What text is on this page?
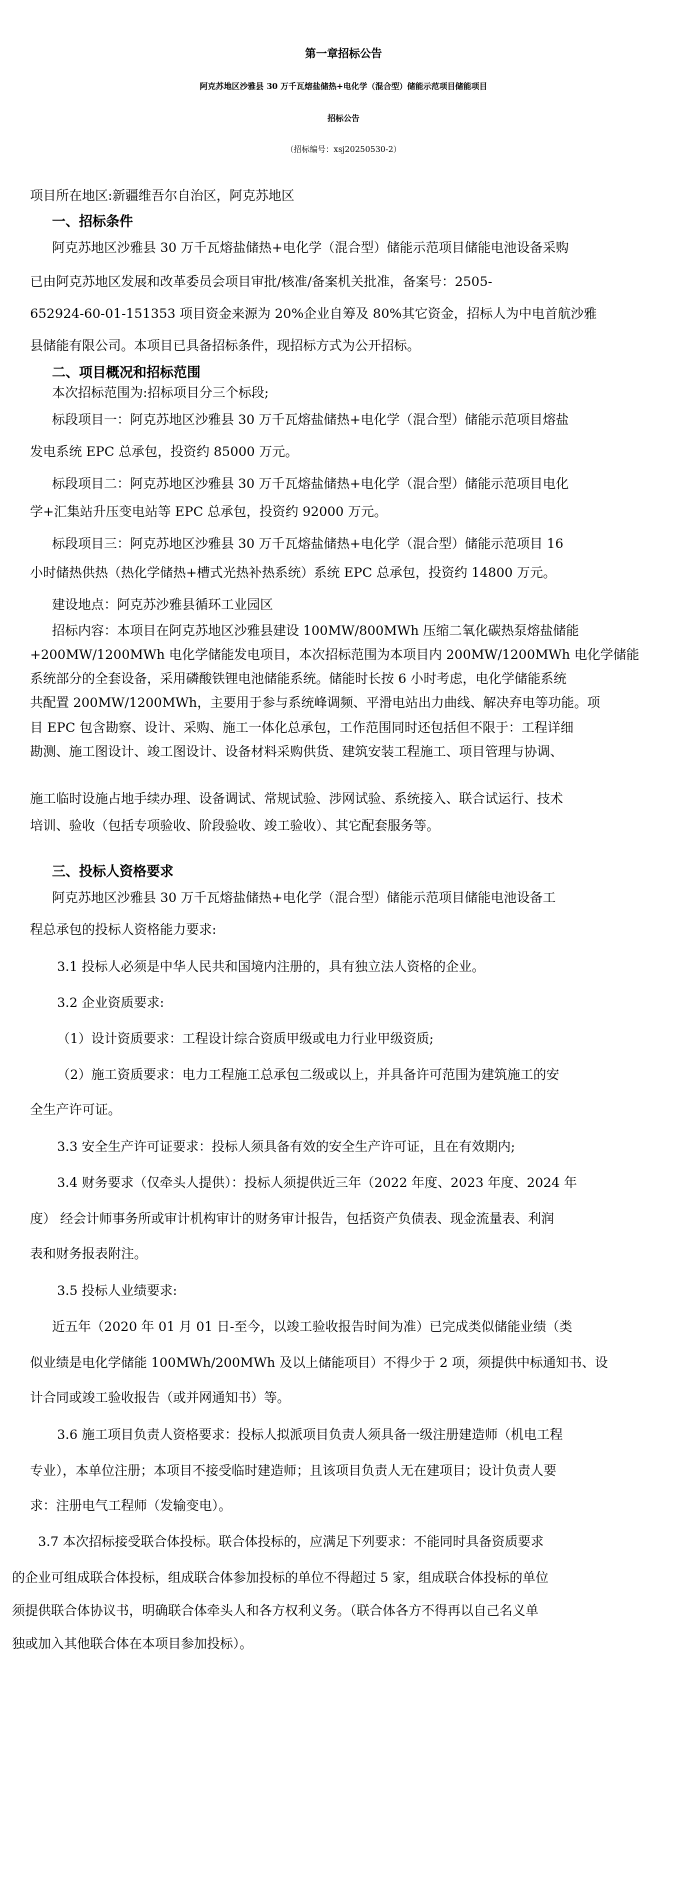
第一章招标公告
阿克苏地区沙雅县 30 万千瓦熔盐储热+电化学（混合型）储能示范项目储能项目
招标公告
（招标编号：xsj20250530-2）
项目所在地区:新疆维吾尔自治区，阿克苏地区
一、招标条件
阿克苏地区沙雅县 30 万千瓦熔盐储热+电化学（混合型）储能示范项目储能电池设备采购
已由阿克苏地区发展和改革委员会项目审批/核准/备案机关批准，备案号：2505-
652924-60-01-151353 项目资金来源为 20%企业自筹及 80%其它资金，招标人为中电首航沙雅
县储能有限公司。本项目已具备招标条件，现招标方式为公开招标。
二、项目概况和招标范围
本次招标范围为:招标项目分三个标段;
标段项目一：阿克苏地区沙雅县 30 万千瓦熔盐储热+电化学（混合型）储能示范项目熔盐
发电系统 EPC 总承包，投资约 85000 万元。
标段项目二：阿克苏地区沙雅县 30 万千瓦熔盐储热+电化学（混合型）储能示范项目电化
学+汇集站升压变电站等 EPC 总承包，投资约 92000 万元。
标段项目三：阿克苏地区沙雅县 30 万千瓦熔盐储热+电化学（混合型）储能示范项目 16
小时储热供热（热化学储热+槽式光热补热系统）系统 EPC 总承包，投资约 14800 万元。
建设地点：阿克苏沙雅县循环工业园区
招标内容：本项目在阿克苏地区沙雅县建设 100MW/800MWh 压缩二氧化碳热泵熔盐储能
+200MW/1200MWh 电化学储能发电项目，本次招标范围为本项目内 200MW/1200MWh 电化学储能
系统部分的全套设备，采用磷酸铁锂电池储能系统。储能时长按 6 小时考虑，电化学储能系统
共配置 200MW/1200MWh，主要用于参与系统峰调频、平滑电站出力曲线、解决弃电等功能。项
目 EPC 包含勘察、设计、采购、施工一体化总承包，工作范围同时还包括但不限于：工程详细
勘测、施工图设计、竣工图设计、设备材料采购供货、建筑安装工程施工、项目管理与协调、
施工临时设施占地手续办理、设备调试、常规试验、涉网试验、系统接入、联合试运行、技术
培训、验收（包括专项验收、阶段验收、竣工验收）、其它配套服务等。
三、投标人资格要求
阿克苏地区沙雅县 30 万千瓦熔盐储热+电化学（混合型）储能示范项目储能电池设备工
程总承包的投标人资格能力要求:
3.1 投标人必须是中华人民共和国境内注册的，具有独立法人资格的企业。
3.2 企业资质要求:
（1）设计资质要求：工程设计综合资质甲级或电力行业甲级资质;
（2）施工资质要求：电力工程施工总承包二级或以上，并具备许可范围为建筑施工的安
全生产许可证。
3.3 安全生产许可证要求：投标人须具备有效的安全生产许可证，且在有效期内;
3.4 财务要求（仅牵头人提供）：投标人须提供近三年（2022 年度、2023 年度、2024 年
度） 经会计师事务所或审计机构审计的财务审计报告，包括资产负债表、现金流量表、利润
表和财务报表附注。
3.5 投标人业绩要求:
近五年（2020 年 01 月 01 日-至今，以竣工验收报告时间为准）已完成类似储能业绩（类
似业绩是电化学储能 100MWh/200MWh 及以上储能项目）不得少于 2 项，须提供中标通知书、设
计合同或竣工验收报告（或并网通知书）等。
3.6 施工项目负责人资格要求：投标人拟派项目负责人须具备一级注册建造师（机电工程
专业），本单位注册；本项目不接受临时建造师；且该项目负责人无在建项目；设计负责人要
求：注册电气工程师（发输变电）。
3.7 本次招标接受联合体投标。联合体投标的，应满足下列要求：不能同时具备资质要求
的企业可组成联合体投标，组成联合体参加投标的单位不得超过 5 家，组成联合体投标的单位
须提供联合体协议书，明确联合体牵头人和各方权利义务。（联合体各方不得再以自己名义单
独或加入其他联合体在本项目参加投标）。
